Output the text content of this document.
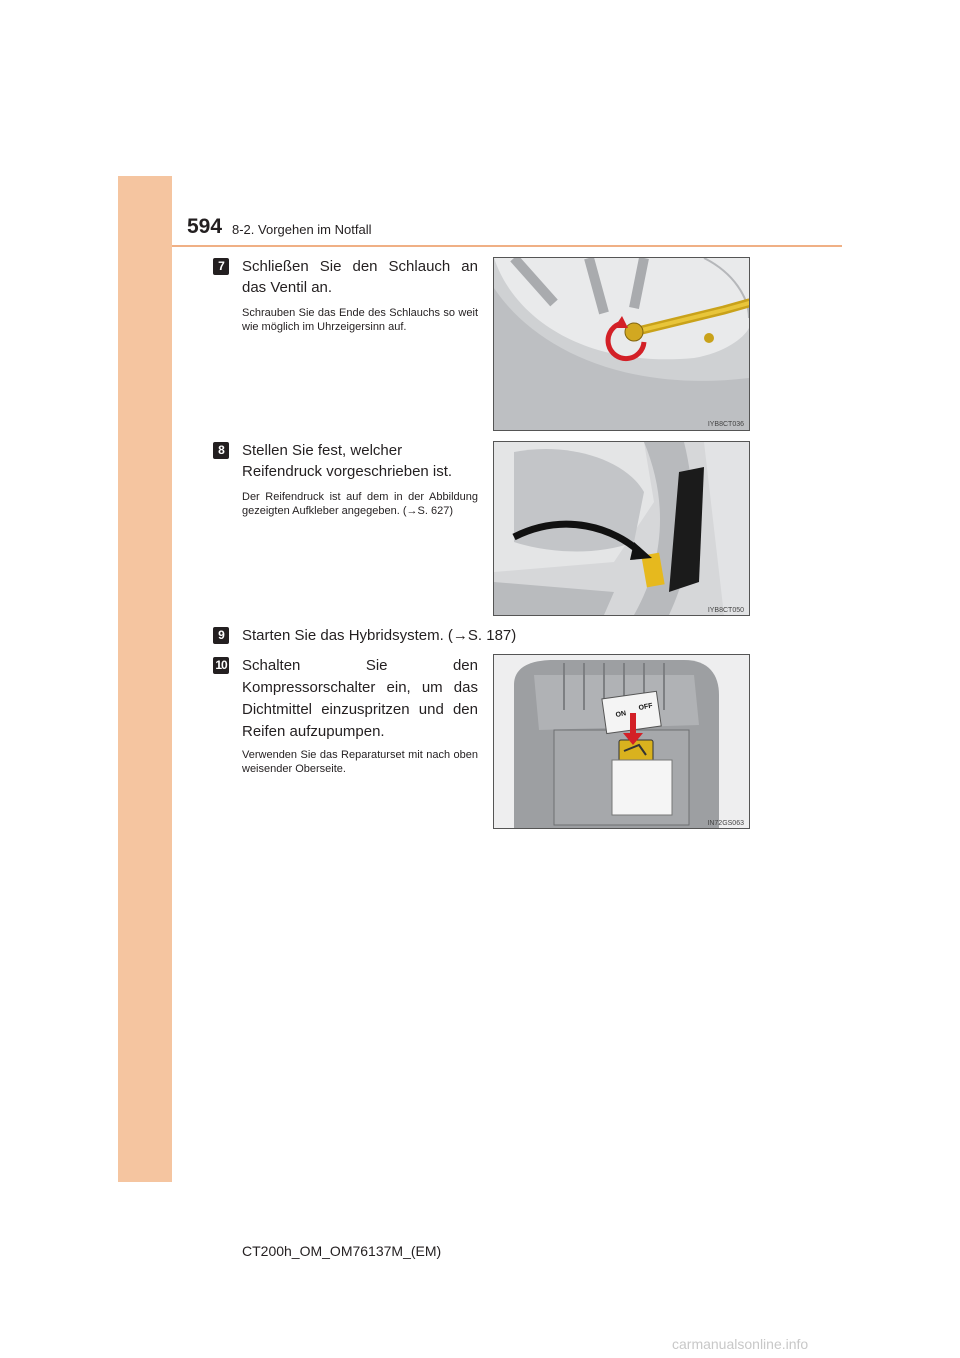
594 8-2. Vorgehen im Notfall
7	Schließen Sie den Schlauch an das Ventil an.
Schrauben Sie das Ende des Schlauchs so weit wie möglich im Uhrzeigersinn auf.
IYB8CT036
8	Stellen Sie fest, welcher Reifendruck vorgeschrieben ist.
Der Reifendruck ist auf dem in der Abbildung gezeigten Aufkleber angegeben. (→S. 627)
IYB8CT050
9	Starten Sie das Hybridsystem. (→S. 187)
10 Schalten Sie den Kompressorschalter ein, um das Dichtmittel einzuspritzen und den Reifen aufzupumpen.
Verwenden Sie das Reparaturset mit nach oben weisender Oberseite.
ON
OFF
IN72GS063
CT200h_OM_OM76137M_(EM)
carmanualsonline.info
